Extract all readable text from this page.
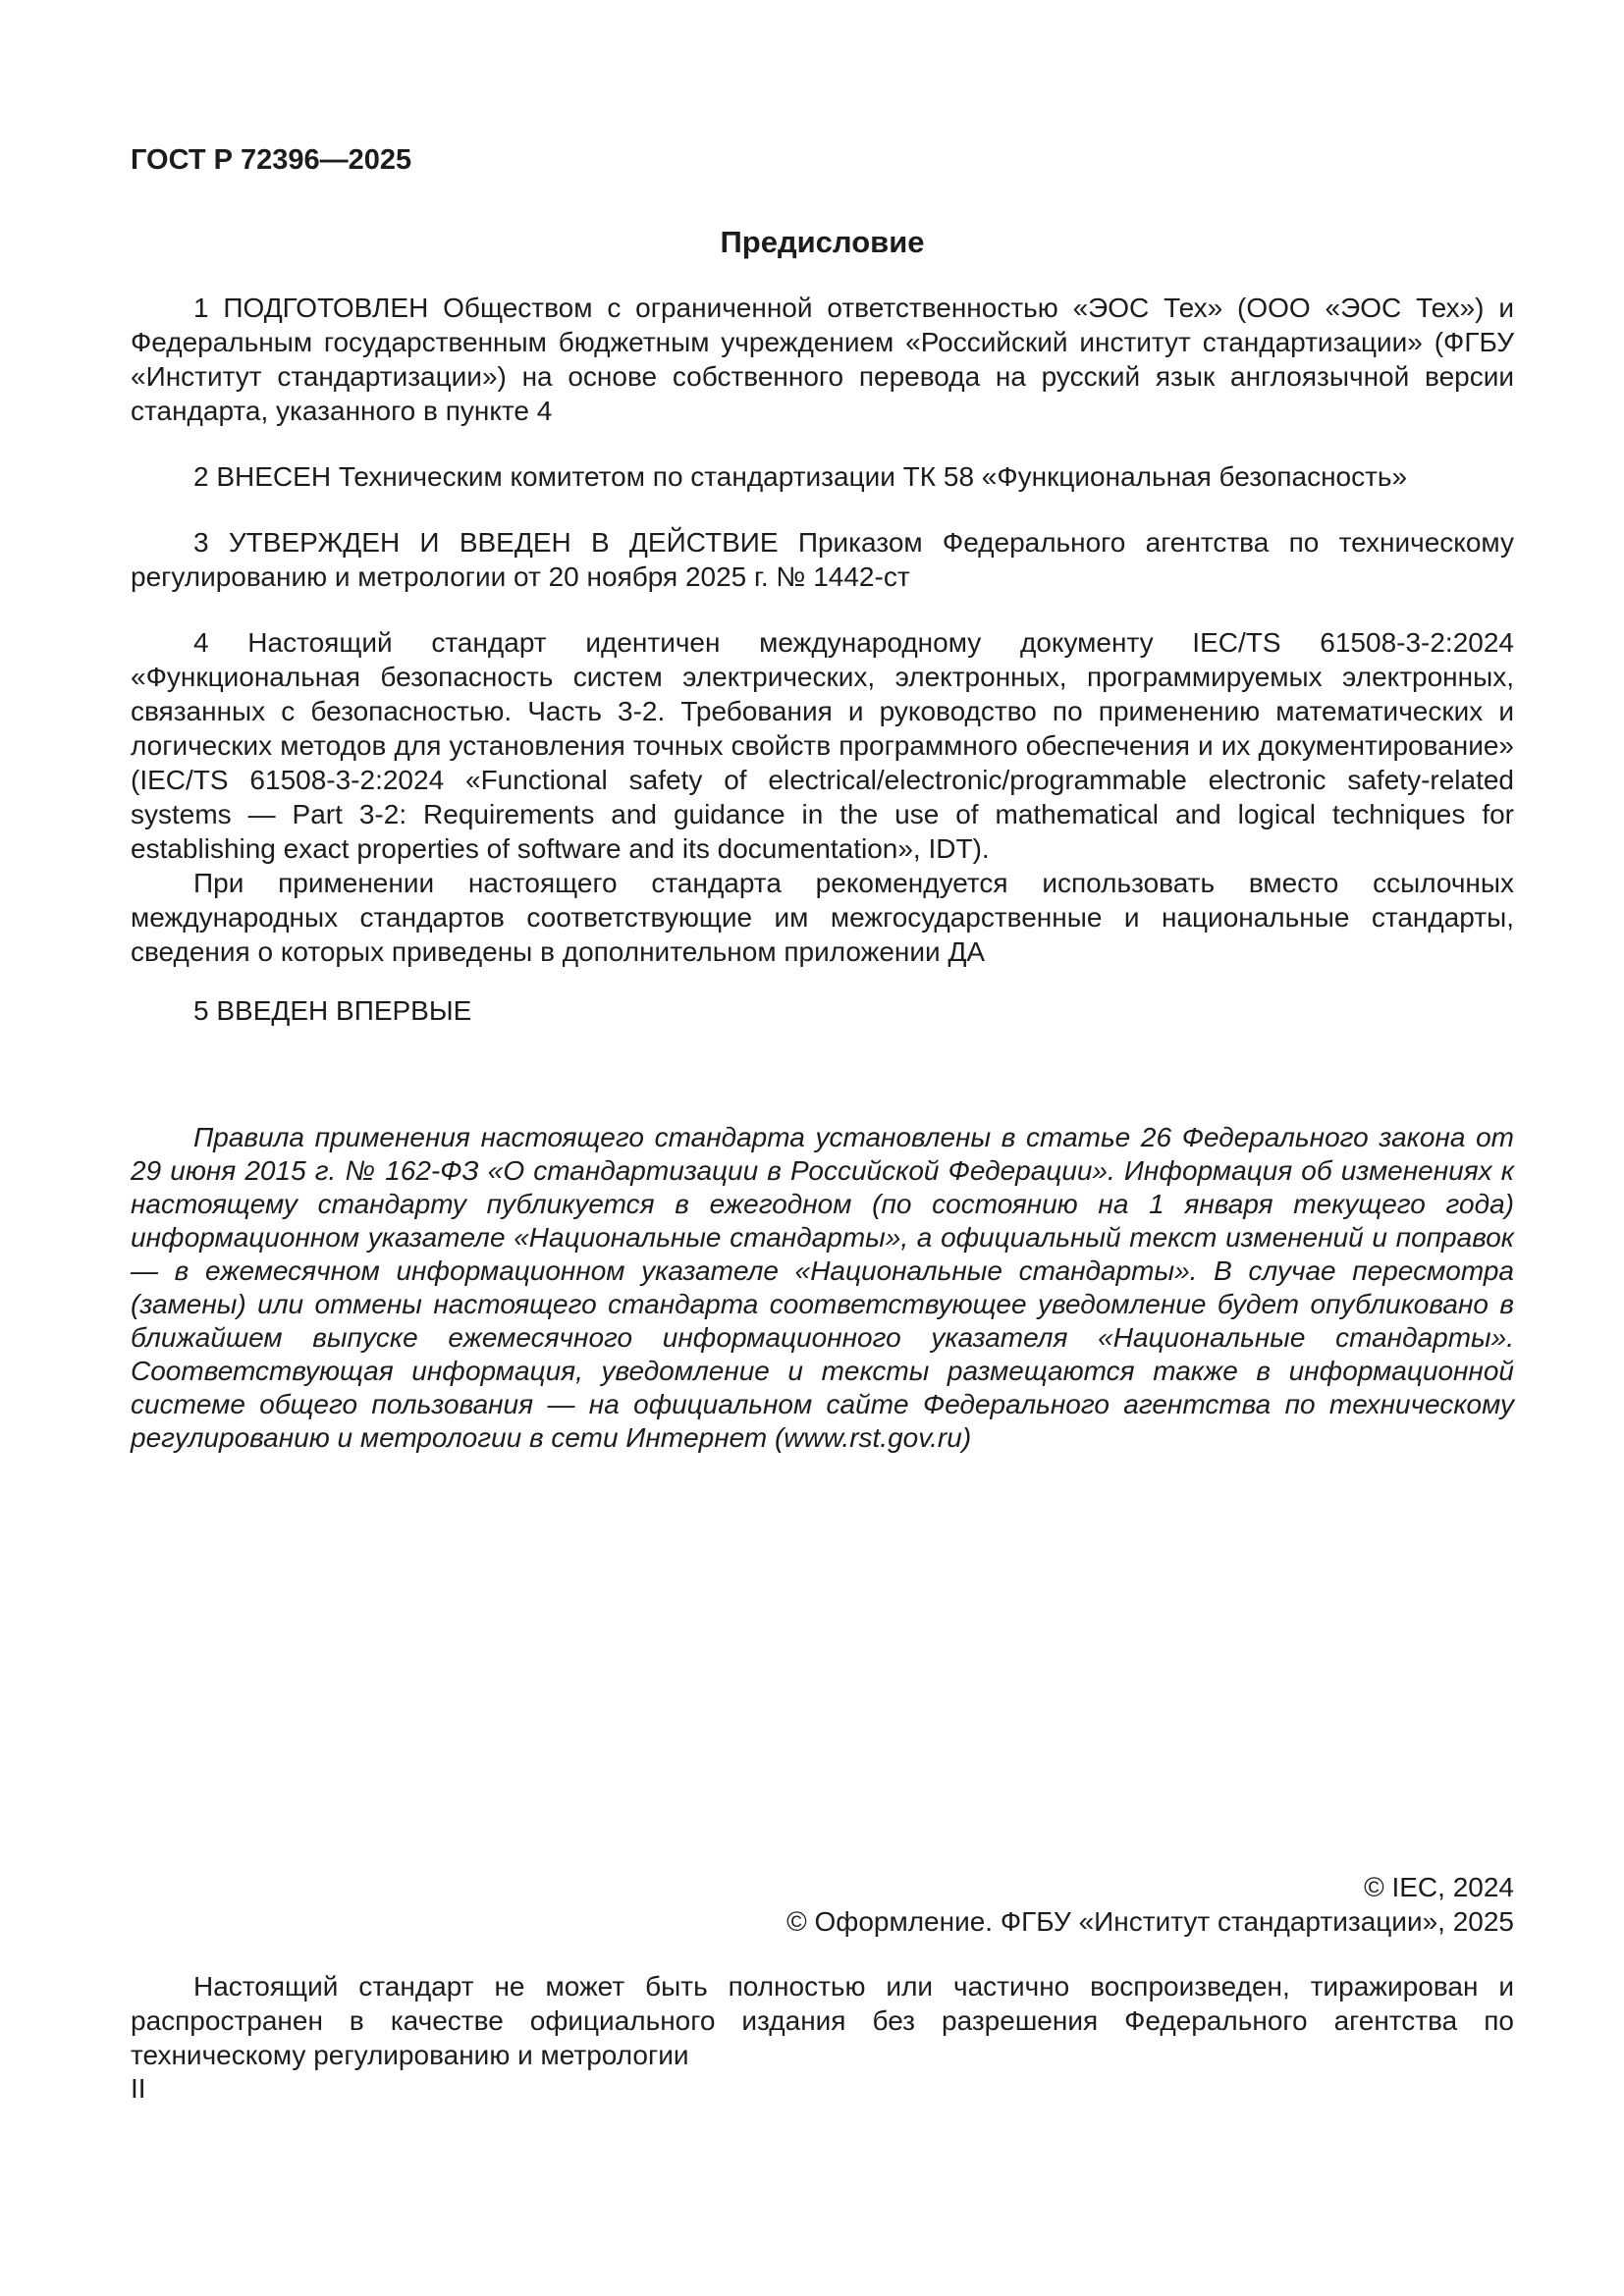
ГОСТ Р 72396—2025

Предисловие

1 ПОДГОТОВЛЕН Обществом с ограниченной ответственностью «ЭОС Тех» (ООО «ЭОС Тех») и Федеральным государственным бюджетным учреждением «Российский институт стандартизации» (ФГБУ «Институт стандартизации») на основе собственного перевода на русский язык англоязычной версии стандарта, указанного в пункте 4

2 ВНЕСЕН Техническим комитетом по стандартизации ТК 58 «Функциональная безопасность»

3 УТВЕРЖДЕН И ВВЕДЕН В ДЕЙСТВИЕ Приказом Федерального агентства по техническому регулированию и метрологии от 20 ноября 2025 г. № 1442-ст

4 Настоящий стандарт идентичен международному документу IEC/TS 61508-3-2:2024 «Функциональная безопасность систем электрических, электронных, программируемых электронных, связанных с безопасностью. Часть 3-2. Требования и руководство по применению математических и логических методов для установления точных свойств программного обеспечения и их документирование» (IEC/TS 61508-3-2:2024 «Functional safety of electrical/electronic/programmable electronic safety-related systems — Part 3-2: Requirements and guidance in the use of mathematical and logical techniques for establishing exact properties of software and its documentation», IDT).

При применении настоящего стандарта рекомендуется использовать вместо ссылочных международных стандартов соответствующие им межгосударственные и национальные стандарты, сведения о которых приведены в дополнительном приложении ДА

5 ВВЕДЕН ВПЕРВЫЕ

Правила применения настоящего стандарта установлены в статье 26 Федерального закона от 29 июня 2015 г. № 162-ФЗ «О стандартизации в Российской Федерации». Информация об изменениях к настоящему стандарту публикуется в ежегодном (по состоянию на 1 января текущего года) информационном указателе «Национальные стандарты», а официальный текст изменений и поправок — в ежемесячном информационном указателе «Национальные стандарты». В случае пересмотра (замены) или отмены настоящего стандарта соответствующее уведомление будет опубликовано в ближайшем выпуске ежемесячного информационного указателя «Национальные стандарты». Соответствующая информация, уведомление и тексты размещаются также в информационной системе общего пользования — на официальном сайте Федерального агентства по техническому регулированию и метрологии в сети Интернет (www.rst.gov.ru)

© IEC, 2024
© Оформление. ФГБУ «Институт стандартизации», 2025

Настоящий стандарт не может быть полностью или частично воспроизведен, тиражирован и распространен в качестве официального издания без разрешения Федерального агентства по техническому регулированию и метрологии

II
